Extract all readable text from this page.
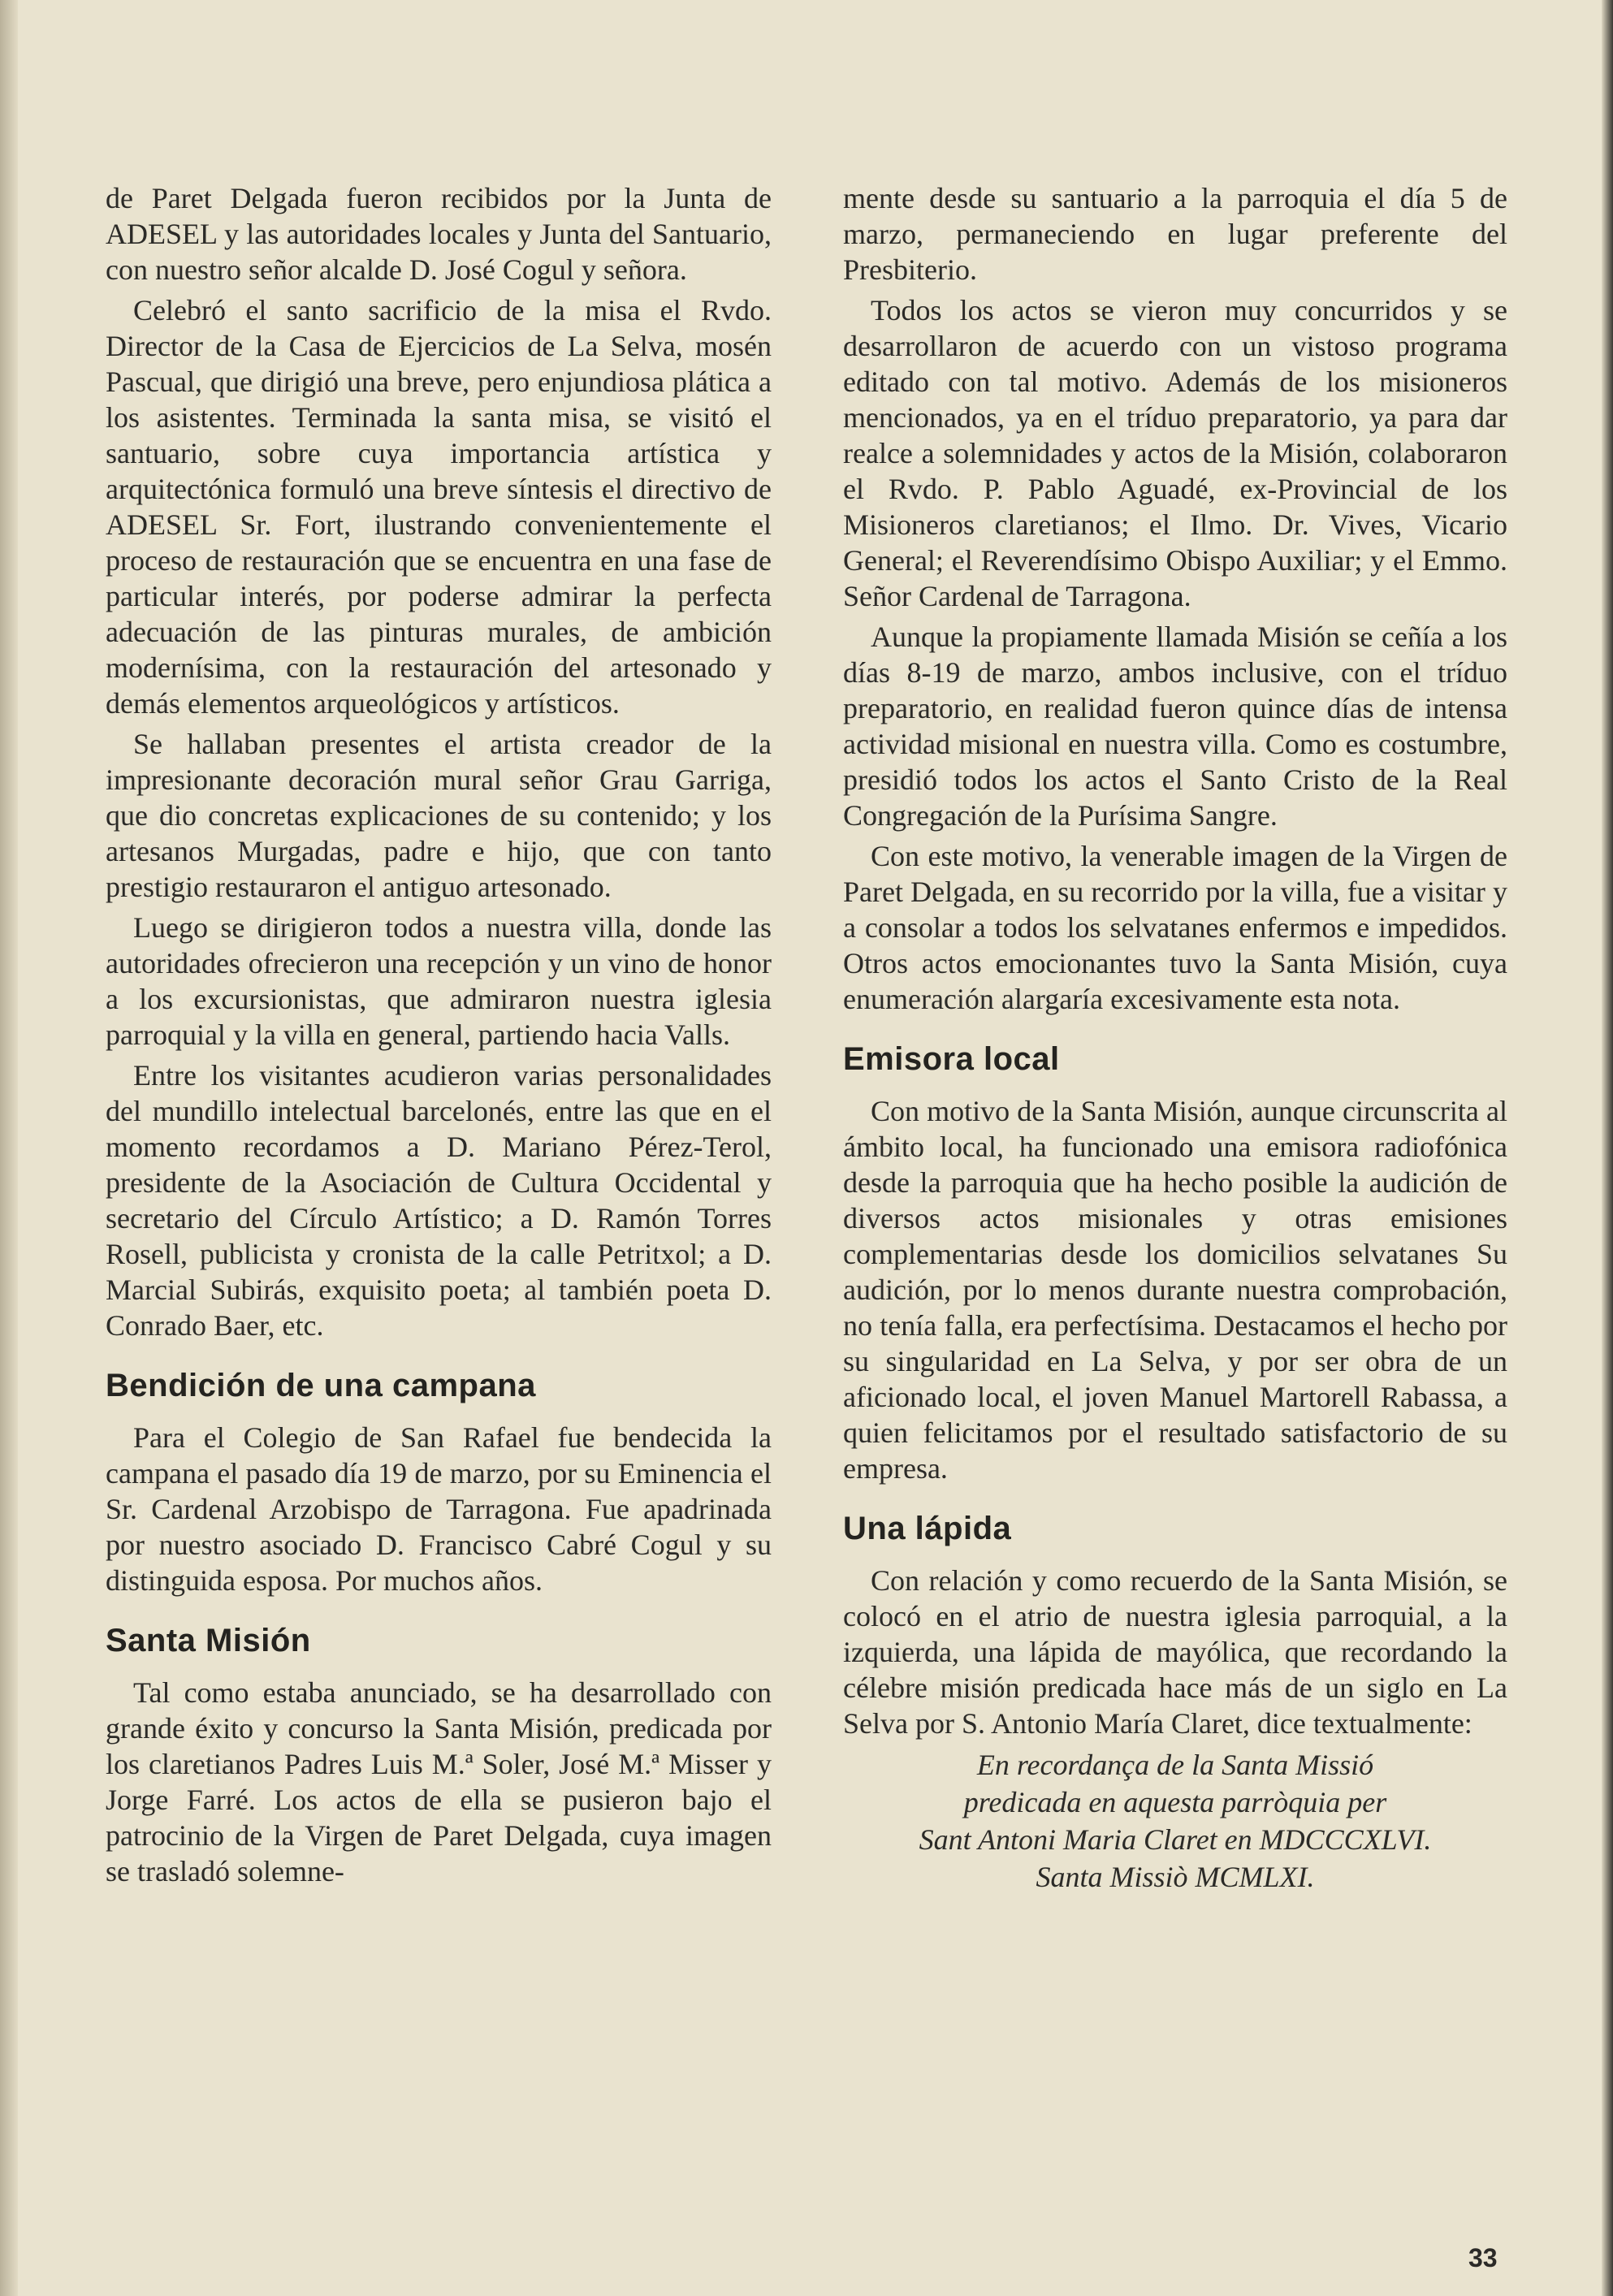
de Paret Delgada fueron recibidos por la Junta de ADESEL y las autoridades locales y Junta del Santuario, con nuestro señor alcalde D. José Cogul y señora.

Celebró el santo sacrificio de la misa el Rvdo. Director de la Casa de Ejercicios de La Selva, mosén Pascual, que dirigió una breve, pero enjundiosa plática a los asistentes. Terminada la santa misa, se visitó el santuario, sobre cuya importancia artística y arquitectónica formuló una breve síntesis el directivo de ADESEL Sr. Fort, ilustrando convenientemente el proceso de restauración que se encuentra en una fase de particular interés, por poderse admirar la perfecta adecuación de las pinturas murales, de ambición modernísima, con la restauración del artesonado y demás elementos arqueológicos y artísticos.

Se hallaban presentes el artista creador de la impresionante decoración mural señor Grau Garriga, que dio concretas explicaciones de su contenido; y los artesanos Murgadas, padre e hijo, que con tanto prestigio restauraron el antiguo artesonado.

Luego se dirigieron todos a nuestra villa, donde las autoridades ofrecieron una recepción y un vino de honor a los excursionistas, que admiraron nuestra iglesia parroquial y la villa en general, partiendo hacia Valls.

Entre los visitantes acudieron varias personalidades del mundillo intelectual barcelonés, entre las que en el momento recordamos a D. Mariano Pérez-Terol, presidente de la Asociación de Cultura Occidental y secretario del Círculo Artístico; a D. Ramón Torres Rosell, publicista y cronista de la calle Petritxol; a D. Marcial Subirás, exquisito poeta; al también poeta D. Conrado Baer, etc.

Bendición de una campana

Para el Colegio de San Rafael fue bendecida la campana el pasado día 19 de marzo, por su Eminencia el Sr. Cardenal Arzobispo de Tarragona. Fue apadrinada por nuestro asociado D. Francisco Cabré Cogul y su distinguida esposa. Por muchos años.

Santa Misión

Tal como estaba anunciado, se ha desarrollado con grande éxito y concurso la Santa Misión, predicada por los claretianos Padres Luis M.ª Soler, José M.ª Misser y Jorge Farré. Los actos de ella se pusieron bajo el patrocinio de la Virgen de Paret Delgada, cuya imagen se trasladó solemne-

mente desde su santuario a la parroquia el día 5 de marzo, permaneciendo en lugar preferente del Presbiterio.

Todos los actos se vieron muy concurridos y se desarrollaron de acuerdo con un vistoso programa editado con tal motivo. Además de los misioneros mencionados, ya en el tríduo preparatorio, ya para dar realce a solemnidades y actos de la Misión, colaboraron el Rvdo. P. Pablo Aguadé, ex-Provincial de los Misioneros claretianos; el Ilmo. Dr. Vives, Vicario General; el Reverendísimo Obispo Auxiliar; y el Emmo. Señor Cardenal de Tarragona.

Aunque la propiamente llamada Misión se ceñía a los días 8-19 de marzo, ambos inclusive, con el tríduo preparatorio, en realidad fueron quince días de intensa actividad misional en nuestra villa. Como es costumbre, presidió todos los actos el Santo Cristo de la Real Congregación de la Purísima Sangre.

Con este motivo, la venerable imagen de la Virgen de Paret Delgada, en su recorrido por la villa, fue a visitar y a consolar a todos los selvatanes enfermos e impedidos. Otros actos emocionantes tuvo la Santa Misión, cuya enumeración alargaría excesivamente esta nota.

Emisora local

Con motivo de la Santa Misión, aunque circunscrita al ámbito local, ha funcionado una emisora radiofónica desde la parroquia que ha hecho posible la audición de diversos actos misionales y otras emisiones complementarias desde los domicilios selvatanes Su audición, por lo menos durante nuestra comprobación, no tenía falla, era perfectísima. Destacamos el hecho por su singularidad en La Selva, y por ser obra de un aficionado local, el joven Manuel Martorell Rabassa, a quien felicitamos por el resultado satisfactorio de su empresa.

Una lápida

Con relación y como recuerdo de la Santa Misión, se colocó en el atrio de nuestra iglesia parroquial, a la izquierda, una lápida de mayólica, que recordando la célebre misión predicada hace más de un siglo en La Selva por S. Antonio María Claret, dice textualmente:

En recordança de la Santa Missió
predicada en aquesta parròquia per
Sant Antoni Maria Claret en MDCCCXLVI.
Santa Missiò MCMLXI.
33
